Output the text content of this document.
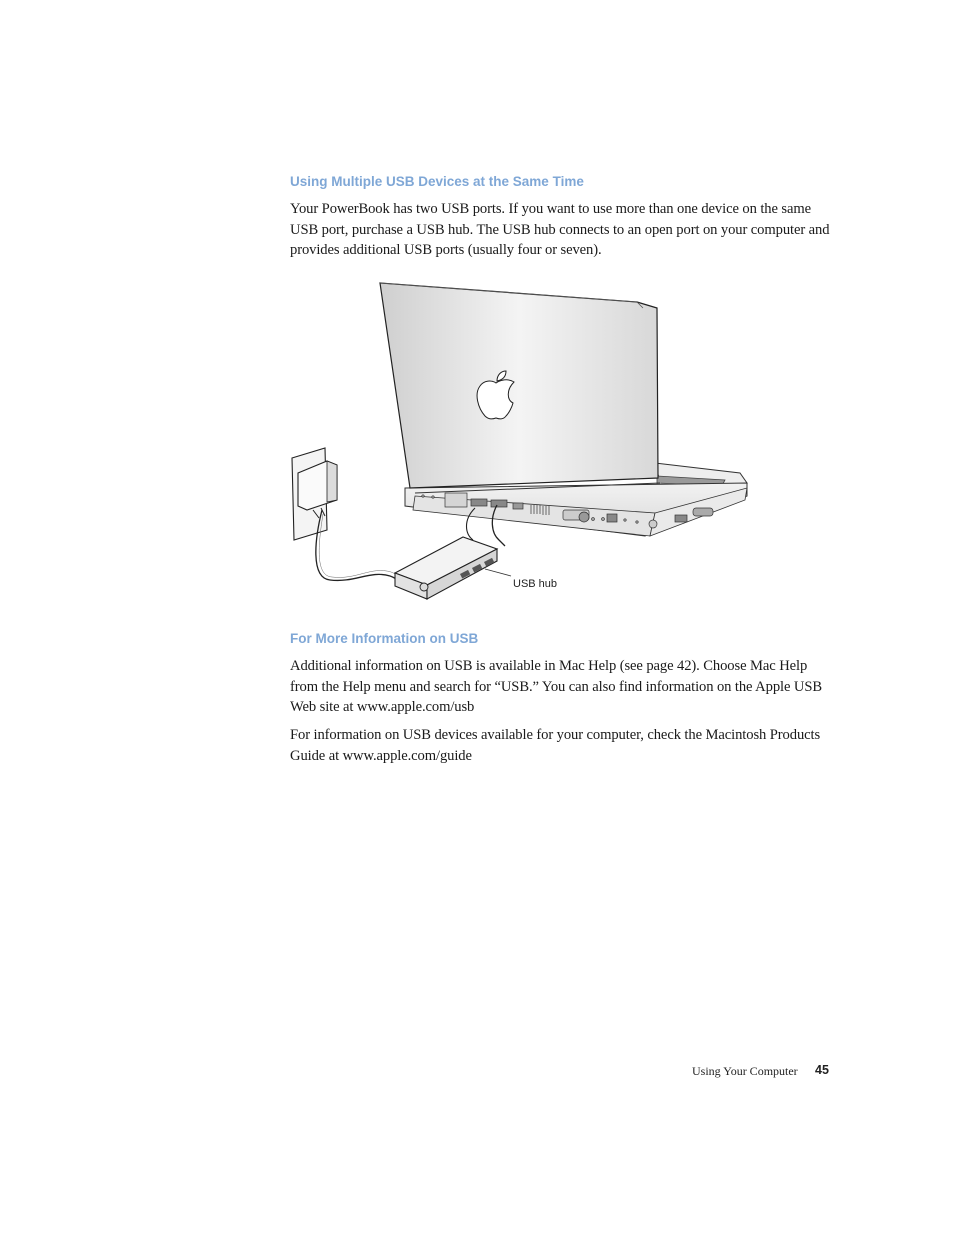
Using Multiple USB Devices at the Same Time

Your PowerBook has two USB ports. If you want to use more than one device on the same USB port, purchase a USB hub. The USB hub connects to an open port on your computer and provides additional USB ports (usually four or seven).

USB hub
For More Information on USB

Additional information on USB is available in Mac Help (see page 42). Choose Mac Help from the Help menu and search for “USB.” You can also find information on the Apple USB Web site at www.apple.com/usb

For information on USB devices available for your computer, check the Macintosh Products Guide at www.apple.com/guide

Using Your Computer 45
